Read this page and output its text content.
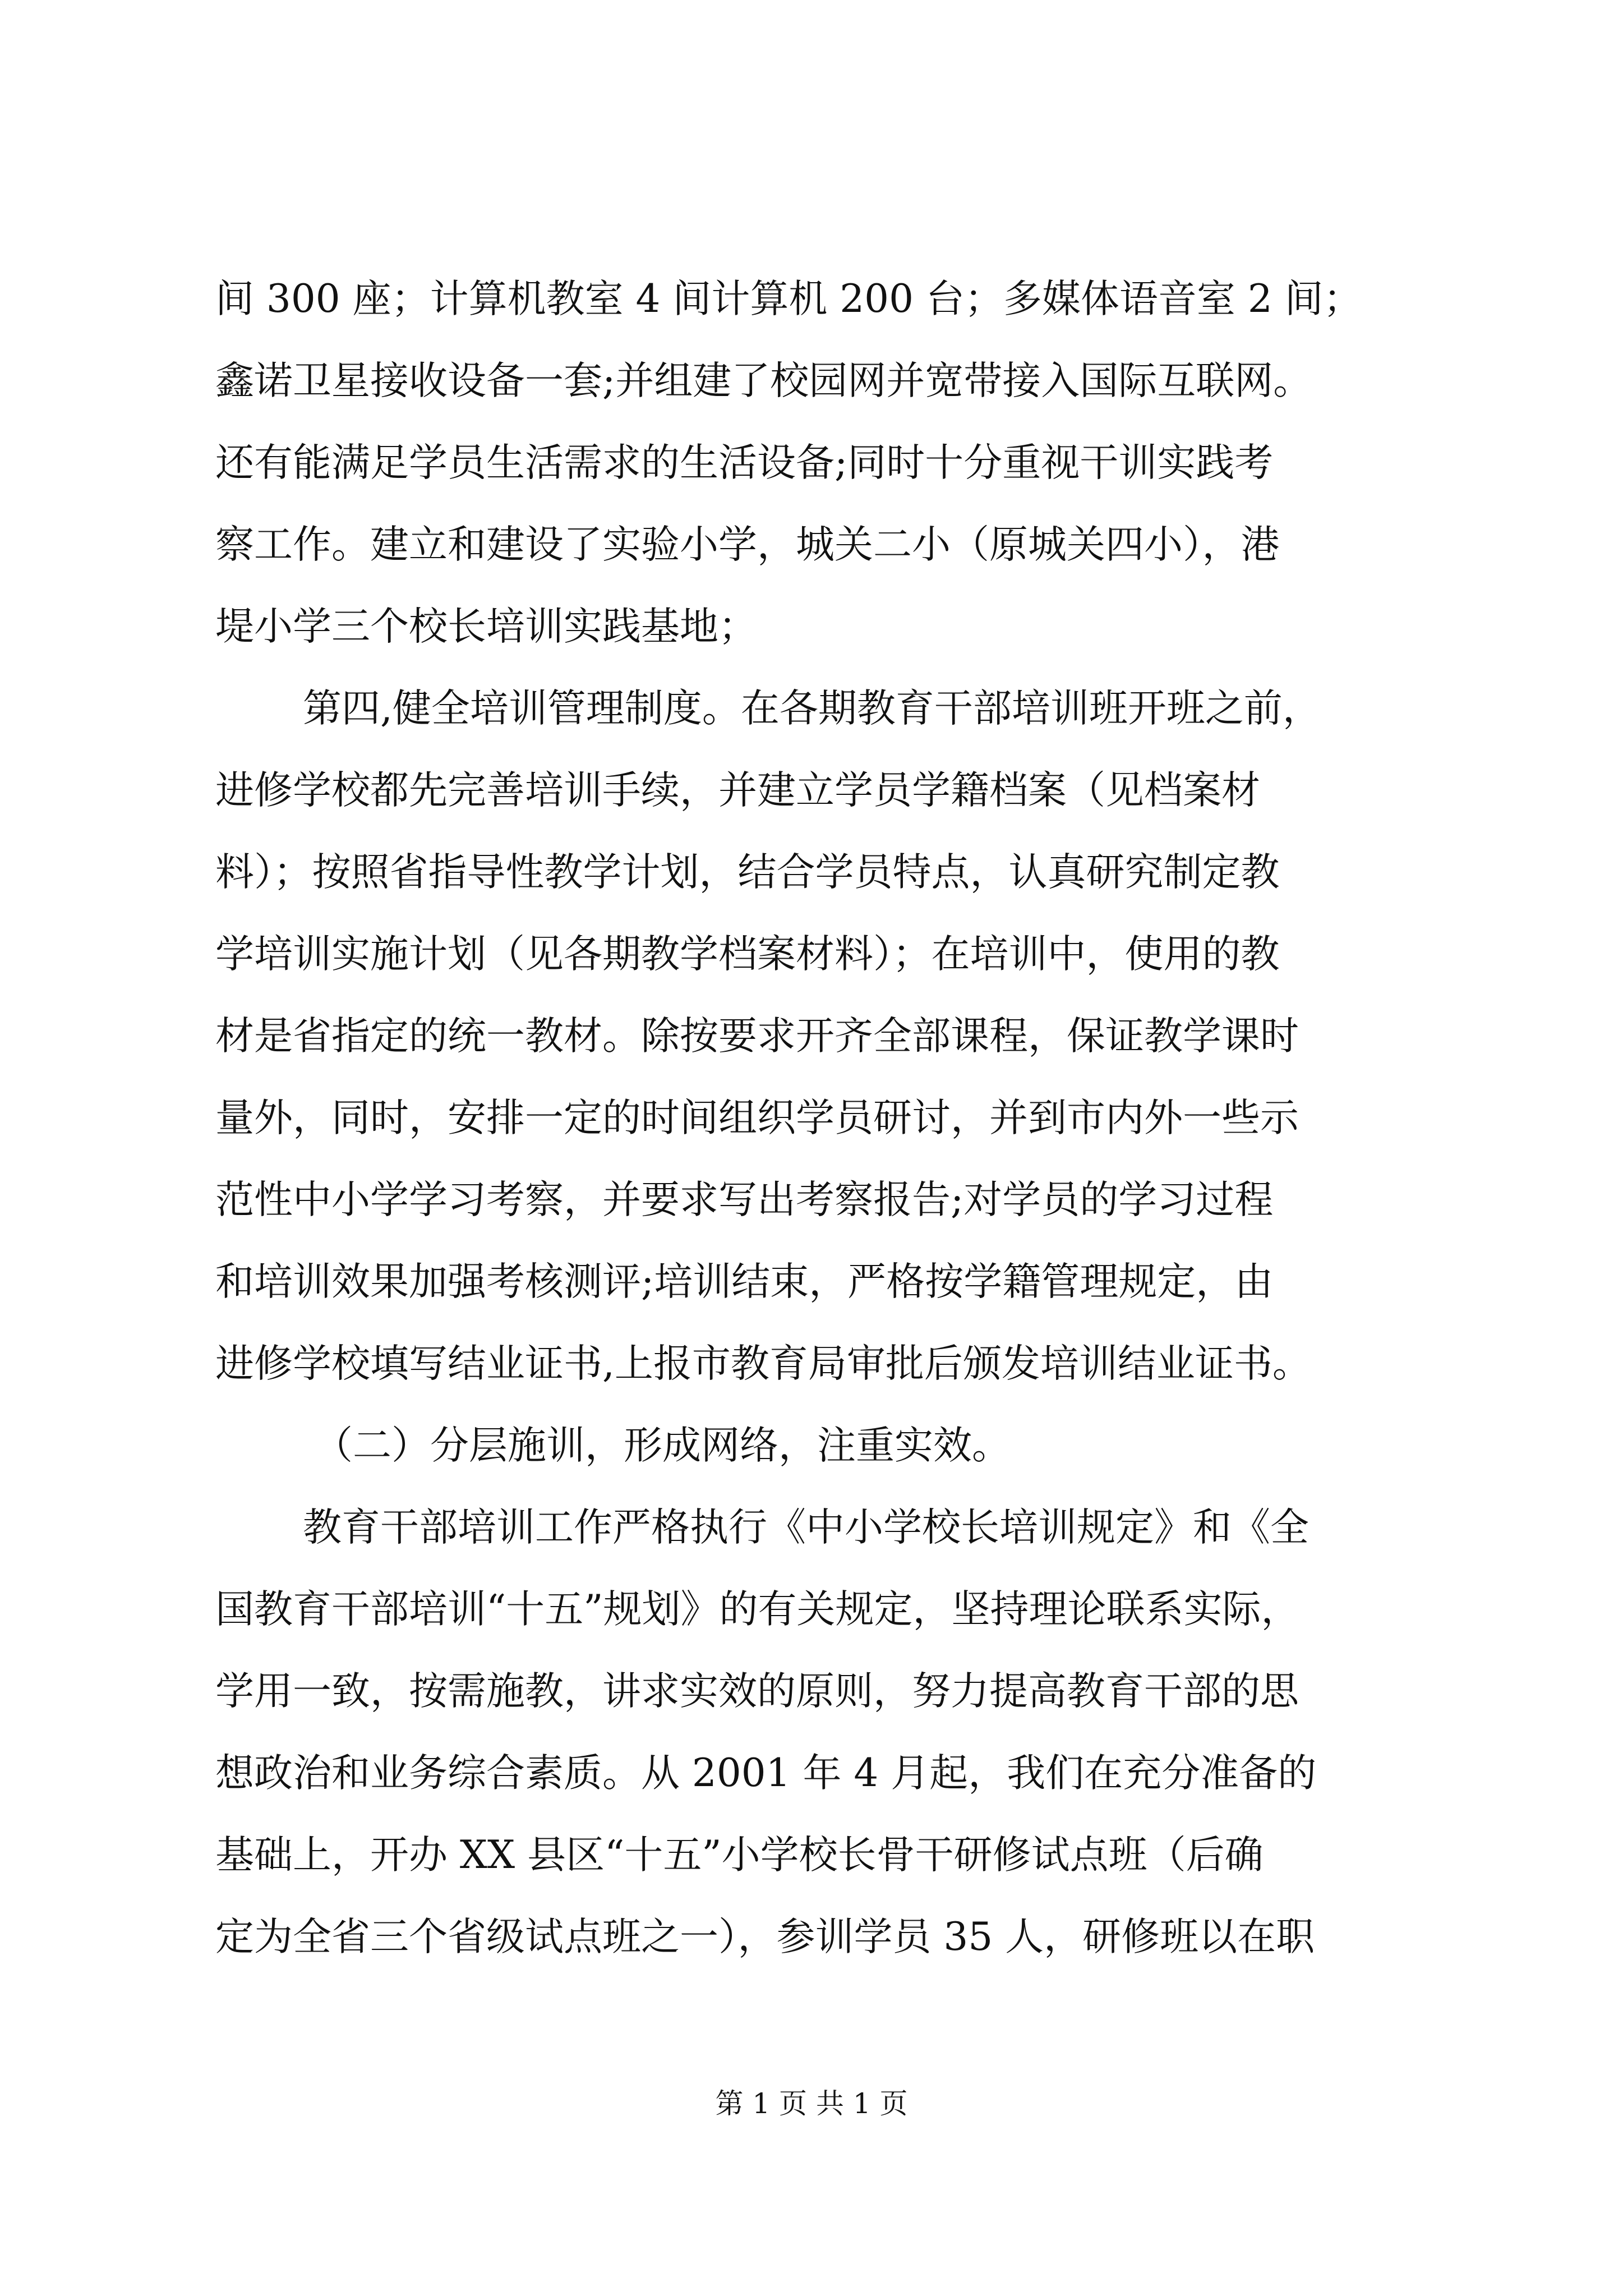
间 300 座；计算机教室 4 间计算机 200 台；多媒体语音室 2 间；
鑫诺卫星接收设备一套;并组建了校园网并宽带接入国际互联网。
还有能满足学员生活需求的生活设备;同时十分重视干训实践考
察工作。建立和建设了实验小学，城关二小（原城关四小），港
堤小学三个校长培训实践基地；
第四,健全培训管理制度。在各期教育干部培训班开班之前，
进修学校都先完善培训手续，并建立学员学籍档案（见档案材
料）；按照省指导性教学计划，结合学员特点，认真研究制定教
学培训实施计划（见各期教学档案材料）；在培训中，使用的教
材是省指定的统一教材。除按要求开齐全部课程，保证教学课时
量外，同时，安排一定的时间组织学员研讨，并到市内外一些示
范性中小学学习考察，并要求写出考察报告;对学员的学习过程
和培训效果加强考核测评;培训结束，严格按学籍管理规定，由
进修学校填写结业证书,上报市教育局审批后颁发培训结业证书。
（二）分层施训，形成网络，注重实效。
教育干部培训工作严格执行《中小学校长培训规定》和《全
国教育干部培训“十五”规划》的有关规定，坚持理论联系实际，
学用一致，按需施教，讲求实效的原则，努力提高教育干部的思
想政治和业务综合素质。从 2001 年 4 月起，我们在充分准备的
基础上，开办 XX 县区“十五”小学校长骨干研修试点班（后确
定为全省三个省级试点班之一），参训学员 35 人，研修班以在职
第 1 页 共 1 页
